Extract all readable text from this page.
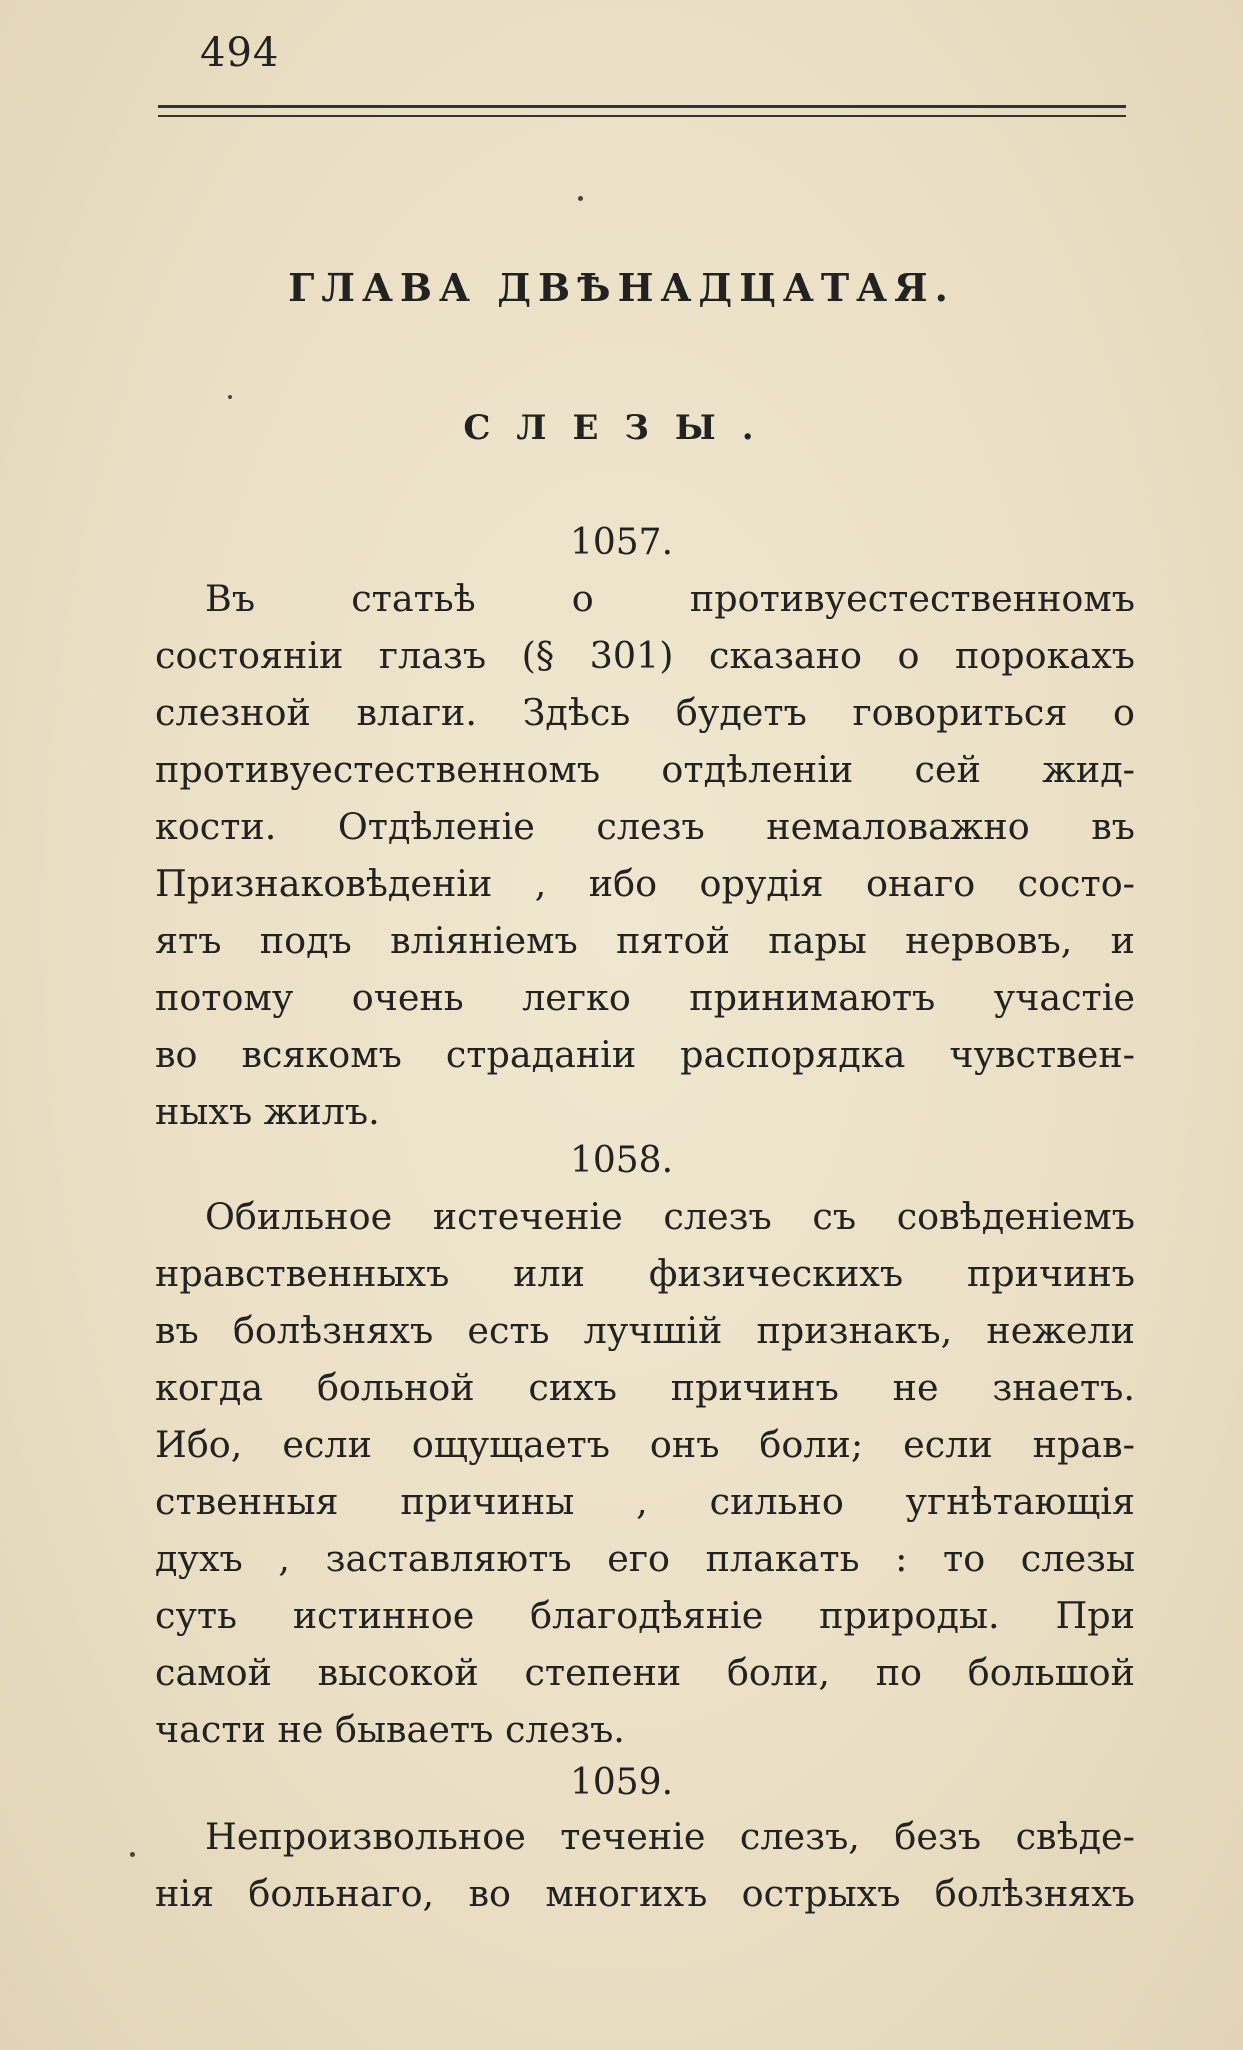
494
ГЛАВА ДВѢНАДЦАТАЯ.
СЛЕЗЫ.
1057.
Въ статьѣ о противуестественномъ
состояніи глазъ (§ 301) сказано о порокахъ
слезной влаги. Здѣсь будетъ говориться о
противуестественномъ отдѣленіи сей жид-
кости. Отдѣленіе слезъ немаловажно въ
Признаковѣденіи , ибо орудія онаго состо-
ятъ подъ вліяніемъ пятой пары нервовъ, и
потому очень легко принимаютъ участіе
во всякомъ страданіи распорядка чувствен-
ныхъ жилъ.
1058.
Обильное истеченіе слезъ съ совѣденіемъ
нравственныхъ или физическихъ причинъ
въ болѣзняхъ есть лучшій признакъ, нежели
когда больной сихъ причинъ не знаетъ.
Ибо, если ощущаетъ онъ боли; если нрав-
ственныя причины , сильно угнѣтающія
духъ , заставляютъ его плакать : то слезы
суть истинное благодѣяніе природы. При
самой высокой степени боли, по большой
части не бываетъ слезъ.
1059.
Непроизвольное теченіе слезъ, безъ свѣде-
нія больнаго, во многихъ острыхъ болѣзняхъ
